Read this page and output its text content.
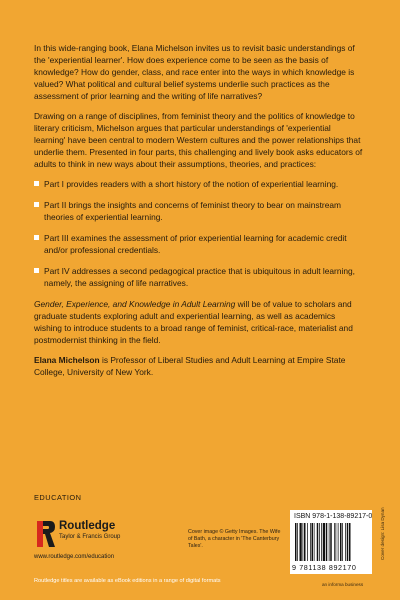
In this wide-ranging book, Elana Michelson invites us to revisit basic understandings of the 'experiential learner'. How does experience come to be seen as the basis of knowledge? How do gender, class, and race enter into the ways in which knowledge is valued? What political and cultural belief systems underlie such practices as the assessment of prior learning and the writing of life narratives?

Drawing on a range of disciplines, from feminist theory and the politics of knowledge to literary criticism, Michelson argues that particular understandings of 'experiential learning' have been central to modern Western cultures and the power relationships that underlie them. Presented in four parts, this challenging and lively book asks educators of adults to think in new ways about their assumptions, theories, and practices:

Part I provides readers with a short history of the notion of experiential learning.
Part II brings the insights and concerns of feminist theory to bear on mainstream theories of experiential learning.
Part III examines the assessment of prior experiential learning for academic credit and/or professional credentials.
Part IV addresses a second pedagogical practice that is ubiquitous in adult learning, namely, the assigning of life narratives.

Gender, Experience, and Knowledge in Adult Learning will be of value to scholars and graduate students exploring adult and experiential learning, as well as academics wishing to introduce students to a broad range of feminist, critical-race, materialist and postmodernist thinking in the field.

Elana Michelson is Professor of Liberal Studies and Adult Learning at Empire State College, University of New York.

EDUCATION
Routledge
Taylor & Francis Group
www.routledge.com/education
Cover image © Getty Images. The Wife of Bath, a character in 'The Canterbury Tales'.
Routledge titles are available as eBook editions in a range of digital formats
ISBN 978-1-138-89217-0
9 781138 892170
an informa business
Cover design: Lisa Dynan
